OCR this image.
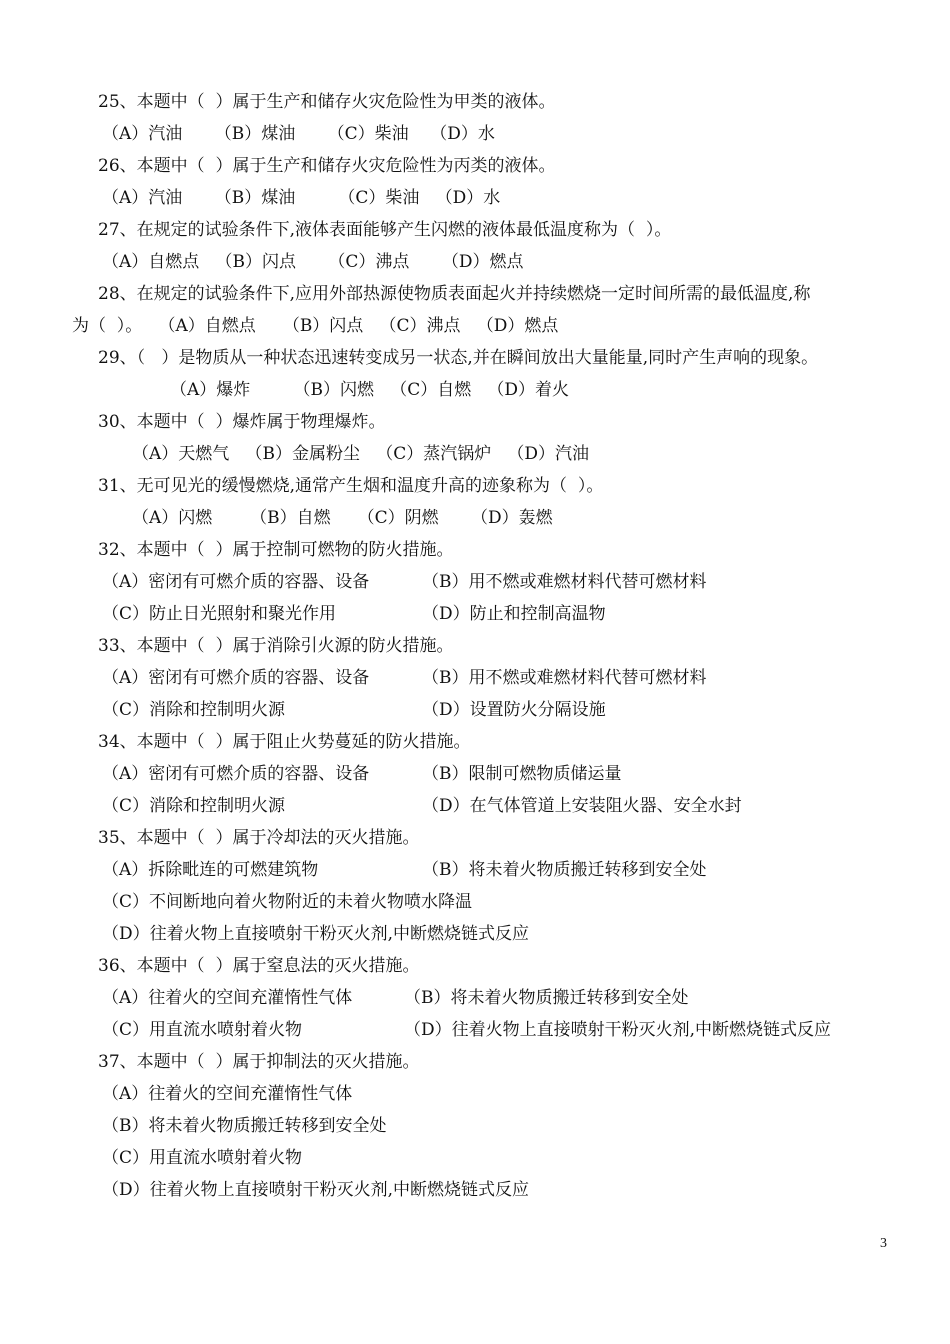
25、本题中（  ）属于生产和储存火灾危险性为甲类的液体。
（A）汽油      （B）煤油      （C）柴油    （D）水
26、本题中（  ）属于生产和储存火灾危险性为丙类的液体。
（A）汽油      （B）煤油        （C）柴油   （D）水
27、在规定的试验条件下,液体表面能够产生闪燃的液体最低温度称为（  ）。
（A）自燃点   （B）闪点      （C）沸点      （D）燃点
28、在规定的试验条件下,应用外部热源使物质表面起火并持续燃烧一定时间所需的最低温度,称
为（  ）。   （A）自燃点     （B）闪点   （C）沸点   （D）燃点
29、（   ）是物质从一种状态迅速转变成另一状态,并在瞬间放出大量能量,同时产生声响的现象。
（A）爆炸        （B）闪燃   （C）自燃   （D）着火
30、本题中（  ）爆炸属于物理爆炸。
（A）天燃气   （B）金属粉尘   （C）蒸汽锅炉   （D）汽油
31、无可见光的缓慢燃烧,通常产生烟和温度升高的迹象称为（  ）。
（A）闪燃       （B）自燃     （C）阴燃      （D）轰燃
32、本题中（  ）属于控制可燃物的防火措施。
（A）密闭有可燃介质的容器、设备	（B）用不燃或难燃材料代替可燃材料
（C）防止日光照射和聚光作用	（D）防止和控制高温物
33、本题中（  ）属于消除引火源的防火措施。
（A）密闭有可燃介质的容器、设备	（B）用不燃或难燃材料代替可燃材料
（C）消除和控制明火源	（D）设置防火分隔设施
34、本题中（  ）属于阻止火势蔓延的防火措施。
（A）密闭有可燃介质的容器、设备	（B）限制可燃物质储运量
（C）消除和控制明火源	（D）在气体管道上安装阻火器、安全水封
35、本题中（  ）属于冷却法的灭火措施。
（A）拆除毗连的可燃建筑物	（B）将未着火物质搬迁转移到安全处
（C）不间断地向着火物附近的未着火物喷水降温
（D）往着火物上直接喷射干粉灭火剂,中断燃烧链式反应
36、本题中（  ）属于窒息法的灭火措施。
（A）往着火的空间充灌惰性气体	（B）将未着火物质搬迁转移到安全处
（C）用直流水喷射着火物	（D）往着火物上直接喷射干粉灭火剂,中断燃烧链式反应
37、本题中（  ）属于抑制法的灭火措施。
（A）往着火的空间充灌惰性气体
（B）将未着火物质搬迁转移到安全处
（C）用直流水喷射着火物
（D）往着火物上直接喷射干粉灭火剂,中断燃烧链式反应
3
